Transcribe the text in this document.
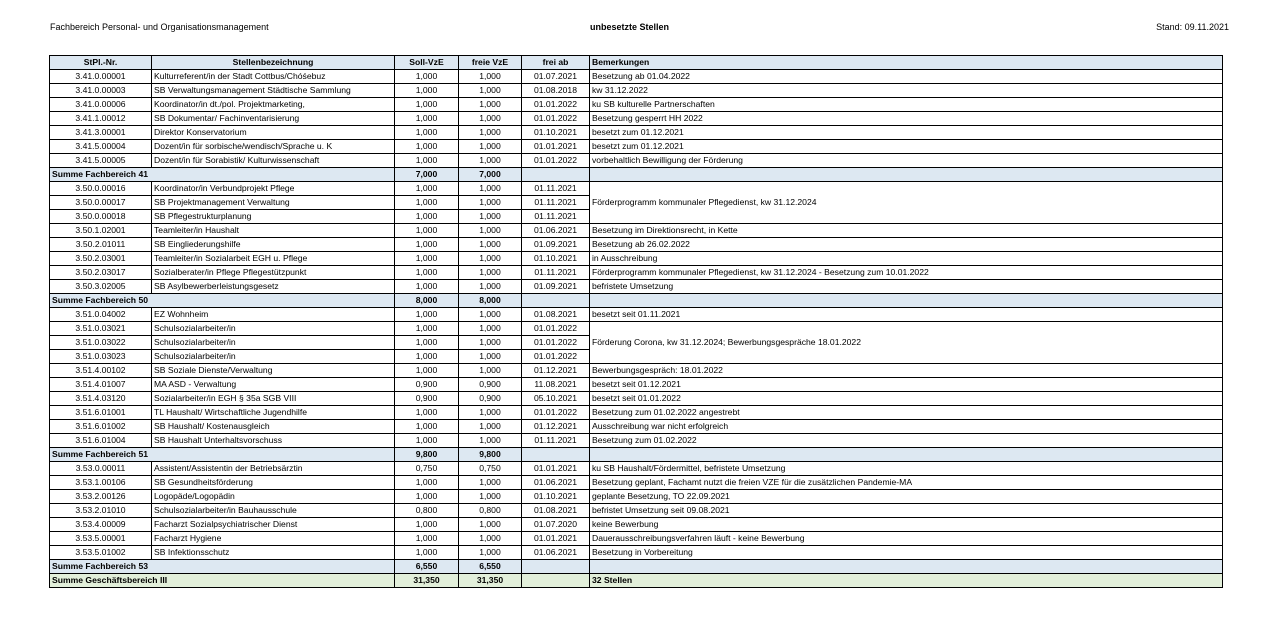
Fachbereich Personal- und Organisationsmanagement	unbesetzte Stellen	Stand: 09.11.2021
StPl.-Nr.	Stellenbezeichnung	Soll-VzE	freie VzE	frei ab	Bemerkungen
3.41.0.00001	Kulturreferent/in der Stadt Cottbus/Chóśebuz	1,000	1,000	01.07.2021	Besetzung ab 01.04.2022
3.41.0.00003	SB Verwaltungsmanagement Städtische Sammlung	1,000	1,000	01.08.2018	kw 31.12.2022
3.41.0.00006	Koordinator/in dt./pol. Projektmarketing,	1,000	1,000	01.01.2022	ku SB kulturelle Partnerschaften
3.41.1.00012	SB Dokumentar/ Fachinventarisierung	1,000	1,000	01.01.2022	Besetzung gesperrt HH 2022
3.41.3.00001	Direktor Konservatorium	1,000	1,000	01.10.2021	besetzt zum 01.12.2021
3.41.5.00004	Dozent/in für sorbische/wendisch/Sprache u. K	1,000	1,000	01.01.2021	besetzt zum 01.12.2021
3.41.5.00005	Dozent/in für Sorabistik/ Kulturwissenschaft	1,000	1,000	01.01.2022	vorbehaltlich Bewilligung der Förderung
Summe Fachbereich 41		7,000	7,000		
3.50.0.00016	Koordinator/in Verbundprojekt Pflege	1,000	1,000	01.11.2021	Förderprogramm kommunaler Pflegedienst, kw 31.12.2024
3.50.0.00017	SB Projektmanagement Verwaltung	1,000	1,000	01.11.2021	
3.50.0.00018	SB Pflegestrukturplanung	1,000	1,000	01.11.2021	
3.50.1.02001	Teamleiter/in Haushalt	1,000	1,000	01.06.2021	Besetzung im Direktionsrecht, in Kette
3.50.2.01011	SB Eingliederungshilfe	1,000	1,000	01.09.2021	Besetzung ab 26.02.2022
3.50.2.03001	Teamleiter/in Sozialarbeit EGH u. Pflege	1,000	1,000	01.10.2021	in Ausschreibung
3.50.2.03017	Sozialberater/in Pflege Pflegestützpunkt	1,000	1,000	01.11.2021	Förderprogramm kommunaler Pflegedienst, kw 31.12.2024 - Besetzung zum 10.01.2022
3.50.3.02005	SB Asylbewerberleistungsgesetz	1,000	1,000	01.09.2021	befristete Umsetzung
Summe Fachbereich 50		8,000	8,000		
3.51.0.04002	EZ Wohnheim	1,000	1,000	01.08.2021	besetzt seit 01.11.2021
3.51.0.03021	Schulsozialarbeiter/in	1,000	1,000	01.01.2022	Förderung Corona, kw 31.12.2024; Bewerbungsgespräche 18.01.2022
3.51.0.03022	Schulsozialarbeiter/in	1,000	1,000	01.01.2022	
3.51.0.03023	Schulsozialarbeiter/in	1,000	1,000	01.01.2022	
3.51.4.00102	SB Soziale Dienste/Verwaltung	1,000	1,000	01.12.2021	Bewerbungsgespräch: 18.01.2022
3.51.4.01007	MA ASD - Verwaltung	0,900	0,900	11.08.2021	besetzt seit 01.12.2021
3.51.4.03120	Sozialarbeiter/in EGH § 35a SGB VIII	0,900	0,900	05.10.2021	besetzt seit 01.01.2022
3.51.6.01001	TL Haushalt/ Wirtschaftliche Jugendhilfe	1,000	1,000	01.01.2022	Besetzung zum 01.02.2022 angestrebt
3.51.6.01002	SB Haushalt/ Kostenausgleich	1,000	1,000	01.12.2021	Ausschreibung war nicht erfolgreich
3.51.6.01004	SB Haushalt Unterhaltsvorschuss	1,000	1,000	01.11.2021	Besetzung zum 01.02.2022
Summe Fachbereich 51		9,800	9,800		
3.53.0.00011	Assistent/Assistentin der Betriebsärztin	0,750	0,750	01.01.2021	ku SB Haushalt/Fördermittel, befristete Umsetzung
3.53.1.00106	SB Gesundheitsförderung	1,000	1,000	01.06.2021	Besetzung geplant, Fachamt nutzt die freien VZE für die zusätzlichen Pandemie-MA
3.53.2.00126	Logopäde/Logopädin	1,000	1,000	01.10.2021	geplante Besetzung, TO 22.09.2021
3.53.2.01010	Schulsozialarbeiter/in Bauhausschule	0,800	0,800	01.08.2021	befristet Umsetzung seit 09.08.2021
3.53.4.00009	Facharzt Sozialpsychiatrischer Dienst	1,000	1,000	01.07.2020	keine Bewerbung
3.53.5.00001	Facharzt Hygiene	1,000	1,000	01.01.2021	Dauerausschreibungsverfahren läuft - keine Bewerbung
3.53.5.01002	SB Infektionsschutz	1,000	1,000	01.06.2021	Besetzung in Vorbereitung
Summe Fachbereich 53		6,550	6,550		
Summe Geschäftsbereich III		31,350	31,350		32 Stellen
